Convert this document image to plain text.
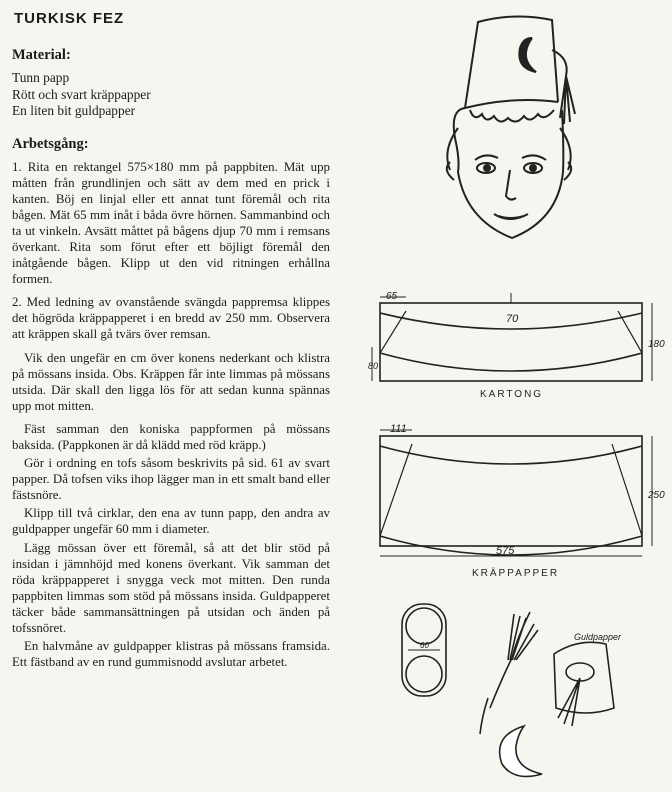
TURKISK FEZ
Material:

Tunn papp

Rött och svart kräppapper

En liten bit guldpapper

Arbetsgång:

1. Rita en rektangel 575×180 mm på pappbiten. Mät upp måtten från grundlinjen och sätt av dem med en prick i kanten. Böj en linjal eller ett annat tunt föremål och rita bågen. Mät 65 mm inåt i båda övre hörnen. Sammanbind och ta ut vinkeln. Avsätt måttet på bågens djup 70 mm i remsans överkant. Rita som förut efter ett böjligt föremål den inåtgående bågen. Klipp ut den vid ritningen erhållna formen.

2. Med ledning av ovanstående svängda pappremsa klippes det högröda kräppapperet i en bredd av 250 mm. Observera att kräppen skall gå tvärs över remsan.

Vik den ungefär en cm över konens nederkant och klistra på mössans insida. Obs. Kräppen får inte limmas på mössans utsida. Där skall den ligga lös för att sedan kunna spännas upp mot mitten.

Fäst samman den koniska pappformen på mössans baksida. (Pappkonen är då klädd med röd kräpp.)

Gör i ordning en tofs såsom beskrivits på sid. 61 av svart papper. Då tofsen viks ihop lägger man in ett smalt band eller fästsnöre.

Klipp till två cirklar, den ena av tunn papp, den andra av guldpapper ungefär 60 mm i diameter.

Lägg mössan över ett föremål, så att det blir stöd på insidan i jämnhöjd med konens överkant. Vik samman det röda kräppapperet i snygga veck mot mitten. Den runda pappbiten limmas som stöd på mössans insida. Guldpapperet täcker både sammansättningen på utsidan och änden på tofssnöret.

En halvmåne av guldpapper klistras på mössans framsida. Ett fästband av en rund gummisnodd avslutar arbetet.

65
70
80
180
KARTONG
111
250
575
KRÄPPAPPER
60
Guldpapper
